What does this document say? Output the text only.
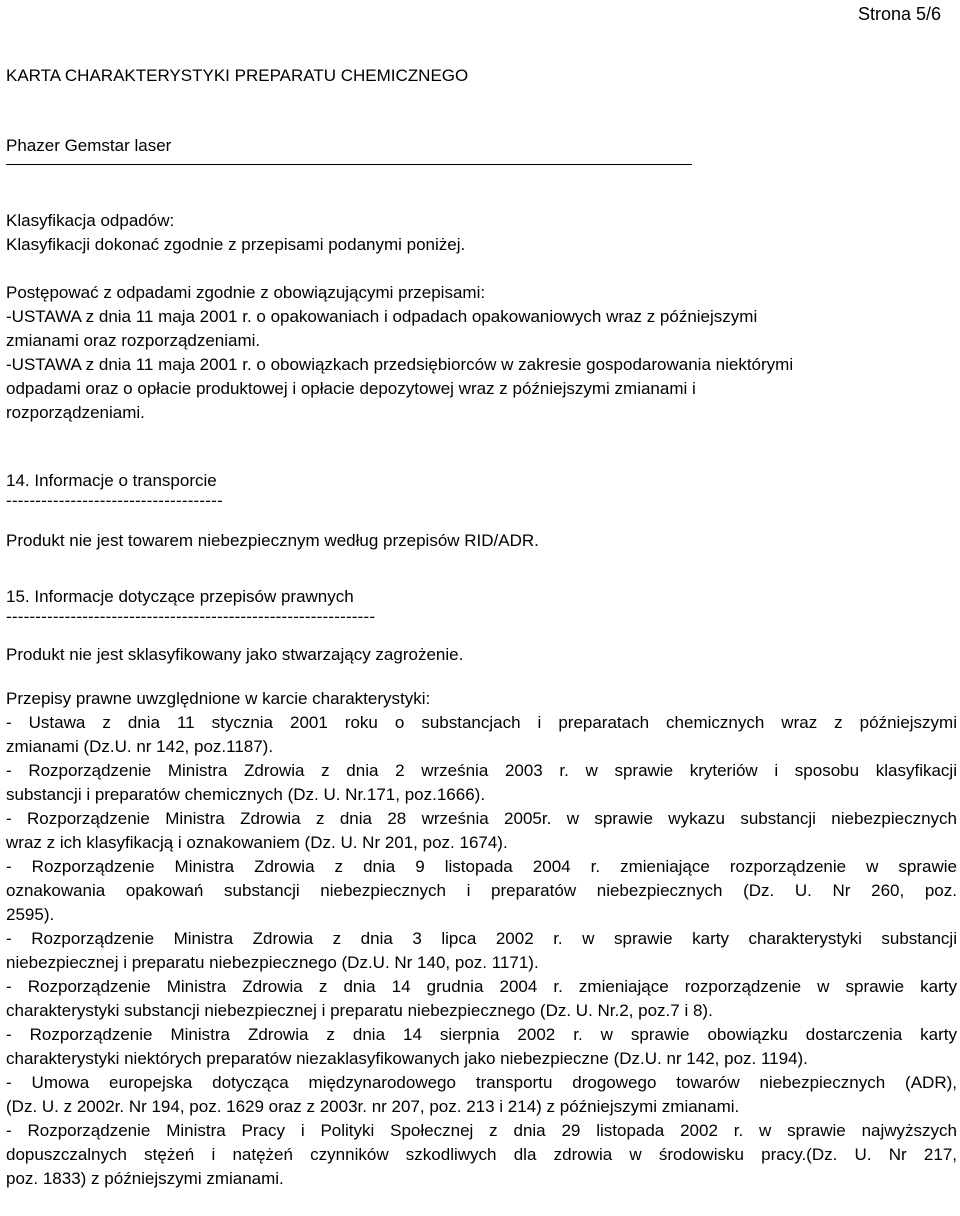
Strona 5/6
KARTA CHARAKTERYSTYKI PREPARATU CHEMICZNEGO
Phazer Gemstar laser
Klasyfikacja odpadów:
Klasyfikacji dokonać zgodnie z przepisami podanymi poniżej.
Postępować z odpadami zgodnie z obowiązującymi przepisami:
-USTAWA z dnia 11 maja 2001 r. o opakowaniach i odpadach opakowaniowych wraz z późniejszymi
zmianami oraz rozporządzeniami.
-USTAWA z dnia 11 maja 2001 r. o obowiązkach przedsiębiorców w zakresie gospodarowania niektórymi
odpadami oraz o opłacie produktowej i opłacie depozytowej wraz z późniejszymi zmianami i
rozporządzeniami.
14. Informacje o transporcie
-------------------------------------
Produkt nie jest towarem niebezpiecznym według przepisów RID/ADR.
15. Informacje dotyczące przepisów prawnych
---------------------------------------------------------------
Produkt nie jest sklasyfikowany jako stwarzający zagrożenie.
Przepisy prawne uwzględnione w karcie charakterystyki:
- Ustawa z dnia 11 stycznia 2001 roku o substancjach i preparatach chemicznych wraz z późniejszymi
zmianami (Dz.U. nr 142, poz.1187).
- Rozporządzenie Ministra Zdrowia z dnia 2 września 2003 r. w sprawie kryteriów i sposobu klasyfikacji
substancji i preparatów chemicznych (Dz. U. Nr.171, poz.1666).
- Rozporządzenie Ministra Zdrowia z dnia 28 września 2005r. w sprawie wykazu substancji niebezpiecznych
wraz z ich klasyfikacją i oznakowaniem (Dz. U. Nr 201, poz. 1674).
- Rozporządzenie Ministra Zdrowia z dnia 9 listopada 2004 r. zmieniające rozporządzenie w sprawie
oznakowania opakowań substancji niebezpiecznych i preparatów niebezpiecznych (Dz. U. Nr 260, poz.
2595).
- Rozporządzenie Ministra Zdrowia z dnia 3 lipca 2002 r. w sprawie karty charakterystyki substancji
niebezpiecznej i preparatu niebezpiecznego (Dz.U. Nr 140, poz. 1171).
- Rozporządzenie Ministra Zdrowia z dnia 14 grudnia 2004 r. zmieniające rozporządzenie w sprawie karty
charakterystyki substancji niebezpiecznej i preparatu niebezpiecznego (Dz. U. Nr.2, poz.7 i 8).
- Rozporządzenie Ministra Zdrowia z dnia 14 sierpnia 2002 r. w sprawie obowiązku dostarczenia karty
charakterystyki niektórych preparatów niezaklasyfikowanych jako niebezpieczne (Dz.U. nr 142, poz. 1194).
- Umowa europejska dotycząca międzynarodowego transportu drogowego towarów niebezpiecznych (ADR),
(Dz. U. z 2002r. Nr 194, poz. 1629 oraz z 2003r. nr 207, poz. 213 i 214) z późniejszymi zmianami.
- Rozporządzenie Ministra Pracy i Polityki Społecznej z dnia 29 listopada 2002 r. w sprawie najwyższych
dopuszczalnych stężeń i natężeń czynników szkodliwych dla zdrowia w środowisku pracy.(Dz. U. Nr 217,
poz. 1833) z późniejszymi zmianami.
